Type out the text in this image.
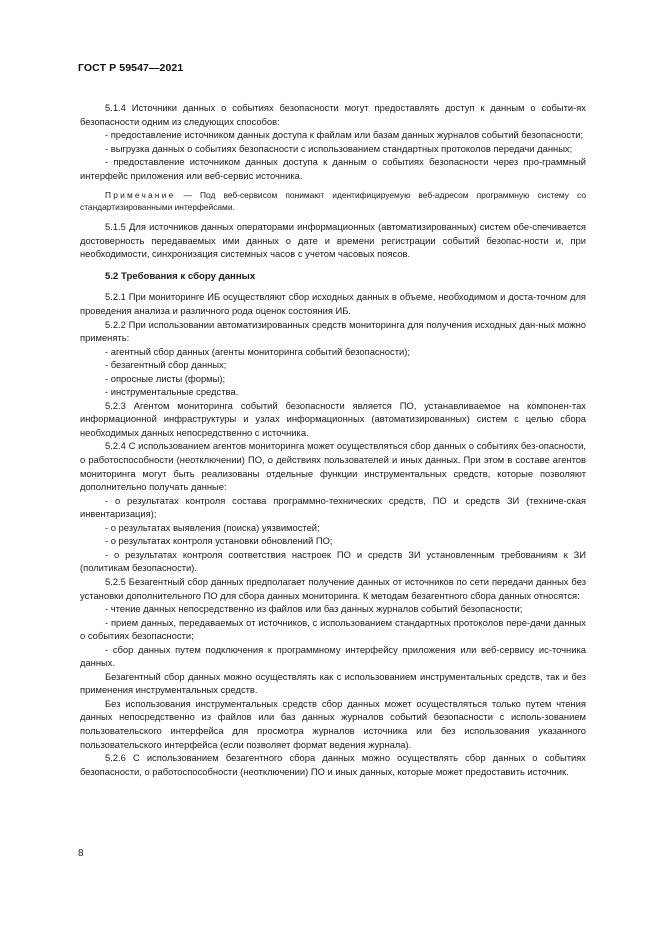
ГОСТ Р 59547—2021

5.1.4 Источники данных о событиях безопасности могут предоставлять доступ к данным о событи-ях безопасности одним из следующих способов:

- предоставление источником данных доступа к файлам или базам данных журналов событий безопасности;

- выгрузка данных о событиях безопасности с использованием стандартных протоколов передачи данных;

- предоставление источником данных доступа к данным о событиях безопасности через про-граммный интерфейс приложения или веб-сервис источника.

Примечание — Под веб-сервисом понимают идентифицируемую веб-адресом программную систему со стандартизированными интерфейсами.

5.1.5 Для источников данных операторами информационных (автоматизированных) систем обе-спечивается достоверность передаваемых ими данных о дате и времени регистрации событий безопас-ности и, при необходимости, синхронизация системных часов с учетом часовых поясов.

5.2 Требования к сбору данных

5.2.1 При мониторинге ИБ осуществляют сбор исходных данных в объеме, необходимом и доста-точном для проведения анализа и различного рода оценок состояния ИБ.

5.2.2 При использовании автоматизированных средств мониторинга для получения исходных дан-ных можно применять:

- агентный сбор данных (агенты мониторинга событий безопасности);

- безагентный сбор данных;

- опросные листы (формы);

- инструментальные средства.

5.2.3 Агентом мониторинга событий безопасности является ПО, устанавливаемое на компонен-тах информационной инфраструктуры и узлах информационных (автоматизированных) систем с целью сбора необходимых данных непосредственно с источника.

5.2.4 С использованием агентов мониторинга может осуществляться сбор данных о событиях без-опасности, о работоспособности (неотключении) ПО, о действиях пользователей и иных данных. При этом в составе агентов мониторинга могут быть реализованы отдельные функции инструментальных средств, которые позволяют дополнительно получать данные:

- о результатах контроля состава программно-технических средств, ПО и средств ЗИ (техниче-ская инвентаризация);

- о результатах выявления (поиска) уязвимостей;

- о результатах контроля установки обновлений ПО;

- о результатах контроля соответствия настроек ПО и средств ЗИ установленным требованиям к ЗИ (политикам безопасности).

5.2.5 Безагентный сбор данных предполагает получение данных от источников по сети передачи данных без установки дополнительного ПО для сбора данных мониторинга. К методам безагентного сбора данных относятся:

- чтение данных непосредственно из файлов или баз данных журналов событий безопасности;

- прием данных, передаваемых от источников, с использованием стандартных протоколов пере-дачи данных о событиях безопасности;

- сбор данных путем подключения к программному интерфейсу приложения или веб-сервису ис-точника данных.

Безагентный сбор данных можно осуществлять как с использованием инструментальных средств, так и без применения инструментальных средств.

Без использования инструментальных средств сбор данных может осуществляться только путем чтения данных непосредственно из файлов или баз данных журналов событий безопасности с исполь-зованием пользовательского интерфейса для просмотра журналов источника или без использования указанного пользовательского интерфейса (если позволяет формат ведения журнала).

5.2.6 С использованием безагентного сбора данных можно осуществлять сбор данных о событиях безопасности, о работоспособности (неотключении) ПО и иных данных, которые может предоставить источник.

8
